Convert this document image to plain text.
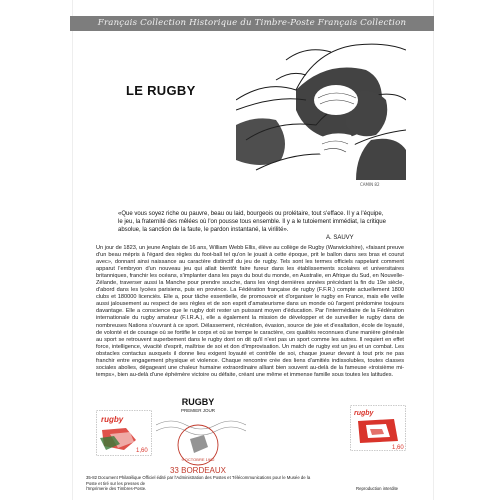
Français Collection Historique du Timbre-Poste Français Collection
LE RUGBY
CAMIN 82
«Que vous soyez riche ou pauvre, beau ou laid, bourgeois ou prolétaire, tout s'efface. Il y a l'équipe, le jeu, la fraternité des mêlées où l'on pousse tous ensemble. Il y a le tutoiement immédiat, la critique absolue, la sanction de la faute, le pardon instantané, la virilité».
A. SAUVY
Un jour de 1823, un jeune Anglais de 16 ans, William Webb Ellis, élève au collège de Rugby (Warwickshire), «faisant preuve d'un beau mépris à l'égard des règles du foot-ball tel qu'on le jouait à cette époque, prit le ballon dans ses bras et courut avec», donnant ainsi naissance au caractère distinctif du jeu de rugby. Tels sont les termes officiels rappelant comment apparut l'embryon d'un nouveau jeu qui allait bientôt faire fureur dans les établissements scolaires et universitaires britanniques, franchir les océans, s'implanter dans les pays du bout du monde, en Australie, en Afrique du Sud, en Nouvelle-Zélande, traverser aussi la Manche pour prendre souche, dans les vingt dernières années précédant la fin du 19e siècle, d'abord dans les lycées parisiens, puis en province. La Fédération française de rugby (F.F.R.) compte actuellement 1800 clubs et 180000 licenciés. Elle a, pour tâche essentielle, de promouvoir et d'organiser le rugby en France, mais elle veille aussi jalousement au respect de ses règles et de son esprit d'amateurisme dans un monde où l'argent prédomine toujours davantage. Elle a conscience que le rugby doit rester un puissant moyen d'éducation. Par l'intermédiaire de la Fédération internationale du rugby amateur (F.I.R.A.), elle a également la mission de développer et de surveiller le rugby dans de nombreuses Nations s'ouvrant à ce sport. Délassement, récréation, évasion, source de joie et d'exaltation, école de loyauté, de volonté et de courage où se fortifie le corps et où se trempe le caractère, ces qualités reconnues d'une manière générale au sport se retrouvent superbement dans le rugby dont on dit qu'il n'est pas un sport comme les autres. Il requiert en effet force, intelligence, vivacité d'esprit, maîtrise de soi et don d'improvisation. Un match de rugby est un jeu et un combat. Les obstacles contactus auxquels il donne lieu exigent loyauté et contrôle de soi, chaque joueur devant à tout prix ne pas franchir entre engagement physique et violence. Chaque rencontre crée des liens d'amitiés indissolubles, toutes classes sociales abolies, dégageant une chaleur humaine extraordinaire alliant bien souvent au-delà de la fameuse «troisième mi-temps», bien au-delà d'une éphémère victoire ou défaite, créant une même et immense famille sous toutes les latitudes.
rugby
1,60
RUGBY
PREMIER JOUR
9 OCTOBRE 1982
33 BORDEAUX
rugby
1,60
35-82 Document Philatélique Officiel édité par l'Administration des Postes et Télécommunications pour le Musée de la Poste et tiré sur les presses de
l'Imprimerie des Timbres-Poste.	Reproduction interdite
